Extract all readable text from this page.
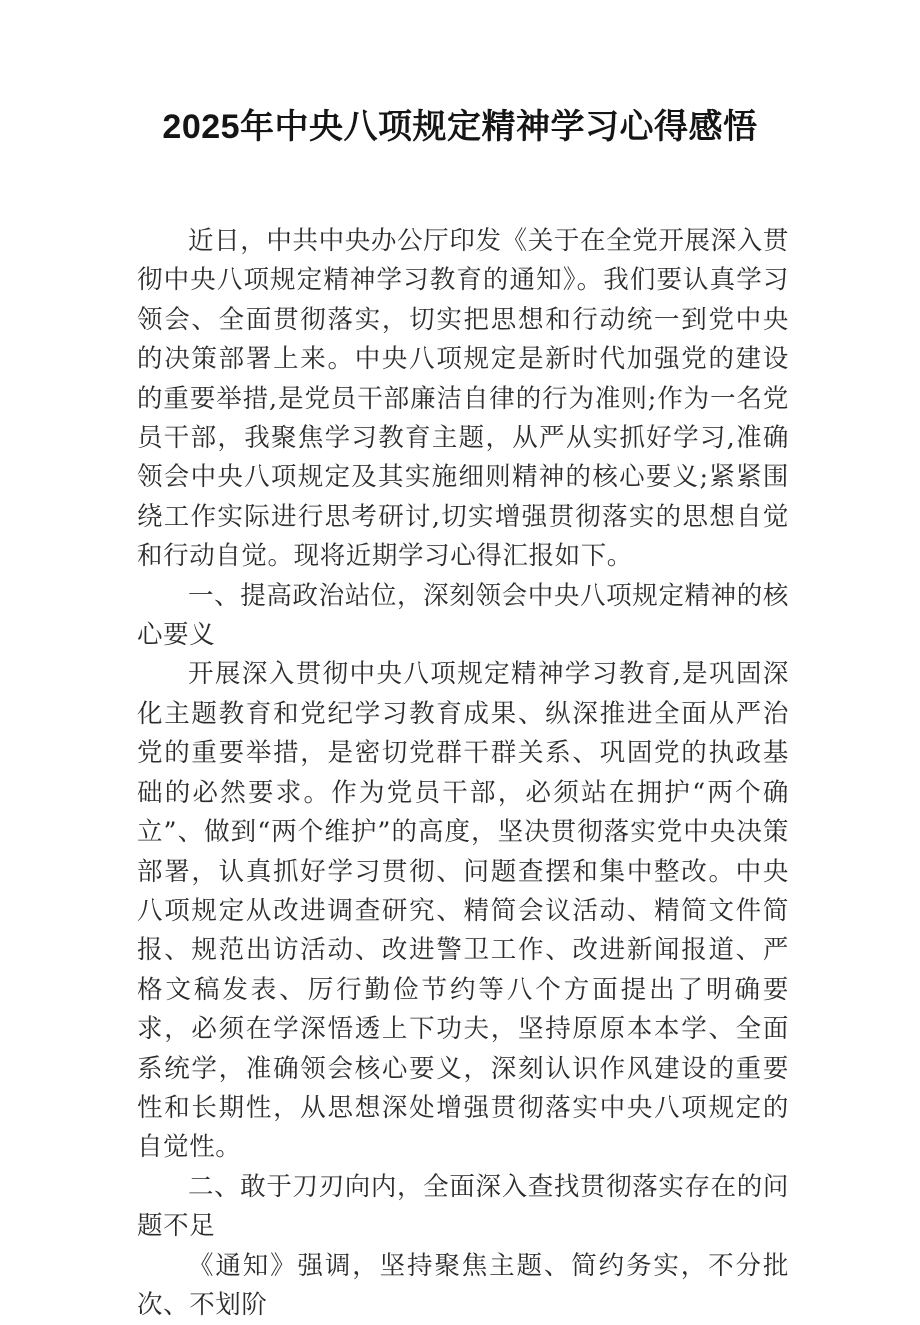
2025年中央八项规定精神学习心得感悟

近日，中共中央办公厅印发《关于在全党开展深入贯彻中央八项规定精神学习教育的通知》。我们要认真学习领会、全面贯彻落实，切实把思想和行动统一到党中央的决策部署上来。中央八项规定是新时代加强党的建设的重要举措,是党员干部廉洁自律的行为准则;作为一名党员干部，我聚焦学习教育主题，从严从实抓好学习,准确领会中央八项规定及其实施细则精神的核心要义;紧紧围绕工作实际进行思考研讨,切实增强贯彻落实的思想自觉和行动自觉。现将近期学习心得汇报如下。

一、提高政治站位，深刻领会中央八项规定精神的核心要义

开展深入贯彻中央八项规定精神学习教育,是巩固深化主题教育和党纪学习教育成果、纵深推进全面从严治党的重要举措，是密切党群干群关系、巩固党的执政基础的必然要求。作为党员干部，必须站在拥护“两个确立”、做到“两个维护”的高度，坚决贯彻落实党中央决策部署，认真抓好学习贯彻、问题查摆和集中整改。中央八项规定从改进调查研究、精简会议活动、精简文件简报、规范出访活动、改进警卫工作、改进新闻报道、严格文稿发表、厉行勤俭节约等八个方面提出了明确要求，必须在学深悟透上下功夫，坚持原原本本学、全面系统学，准确领会核心要义，深刻认识作风建设的重要性和长期性，从思想深处增强贯彻落实中央八项规定的自觉性。

二、敢于刀刃向内，全面深入查找贯彻落实存在的问题不足

《通知》强调，坚持聚焦主题、简约务实，不分批次、不划阶
